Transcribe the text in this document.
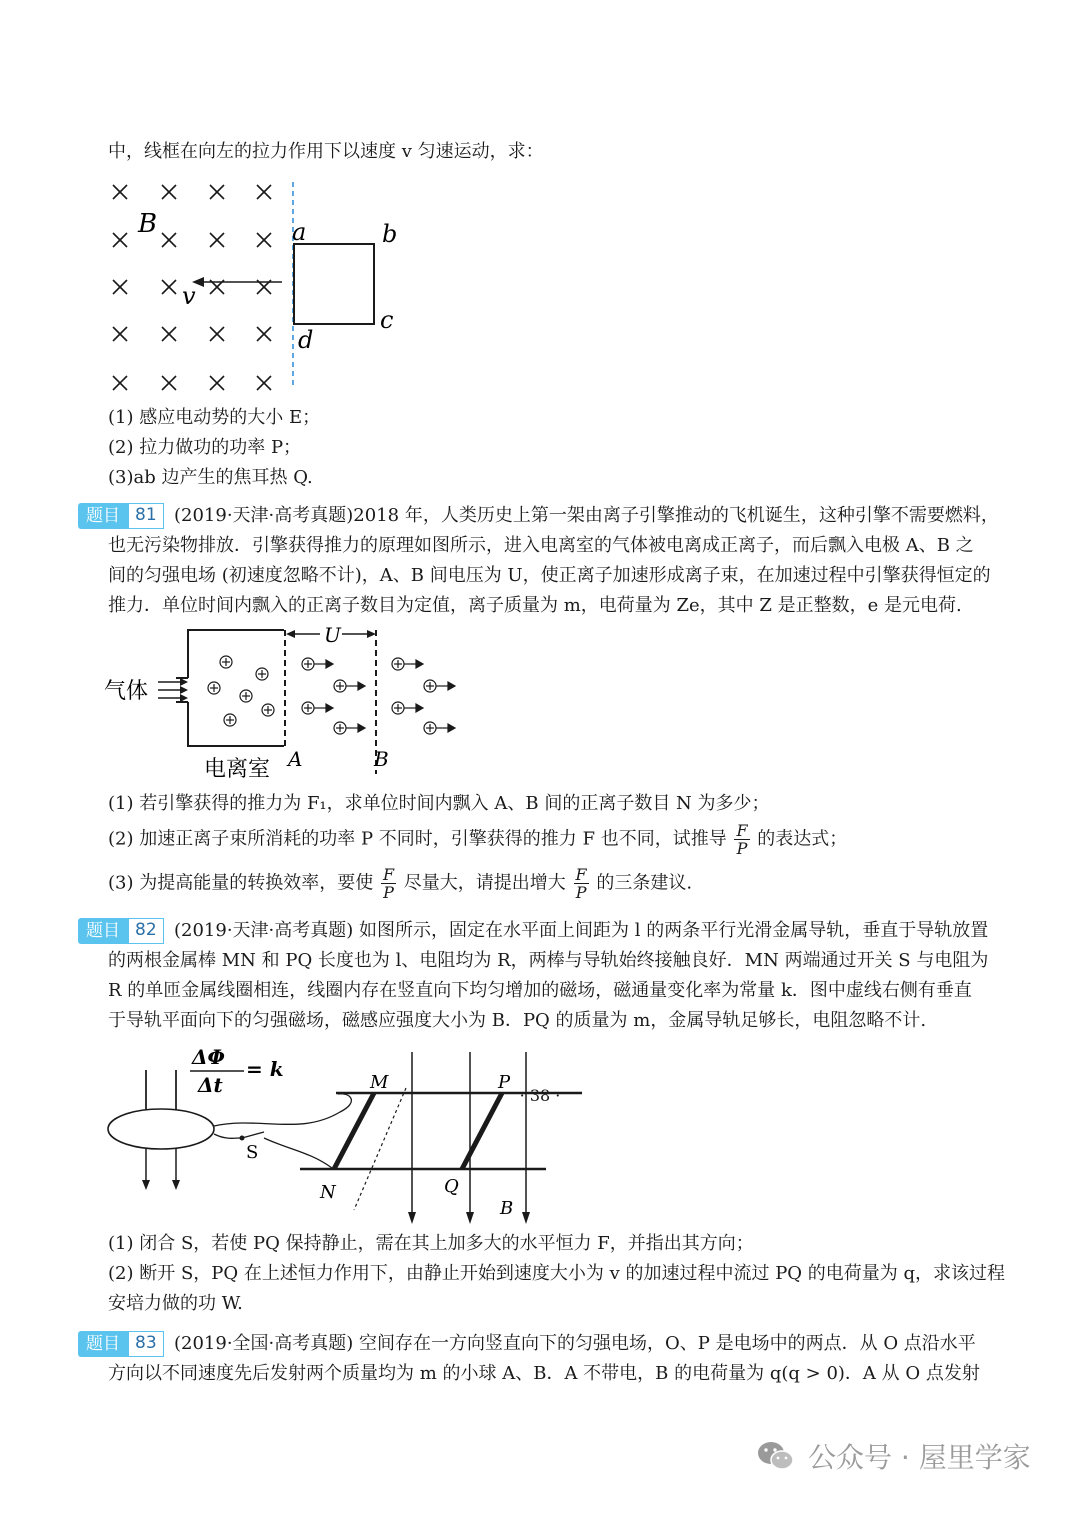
中，线框在向左的拉力作用下以速度 v 匀速运动，求：
B
v
a	b
c
d
(1) 感应电动势的大小 E；
(2) 拉力做功的功率 P；
(3)ab 边产生的焦耳热 Q.
题目 81 (2019·天津·高考真题)2018 年，人类历史上第一架由离子引擎推动的飞机诞生，这种引擎不需要燃料，
也无污染物排放．引擎获得推力的原理如图所示，进入电离室的气体被电离成正离子，而后飘入电极 A、B 之
间的匀强电场 (初速度忽略不计)，A、B 间电压为 U，使正离子加速形成离子束，在加速过程中引擎获得恒定的
推力．单位时间内飘入的正离子数目为定值，离子质量为 m，电荷量为 Ze，其中 Z 是正整数，e 是元电荷.
U
气体
电离室 A	B
(1) 若引擎获得的推力为 F₁，求单位时间内飘入 A、B 间的正离子数目 N 为多少；
(2) 加速正离子束所消耗的功率 P 不同时，引擎获得的推力 F 也不同，试推导 $\frac{F}{P}$ 的表达式；
(3) 为提高能量的转换效率，要使 $\frac{F}{P}$ 尽量大，请提出增大 $\frac{F}{P}$ 的三条建议.
题目 82 (2019·天津·高考真题) 如图所示，固定在水平面上间距为 l 的两条平行光滑金属导轨，垂直于导轨放置
的两根金属棒 MN 和 PQ 长度也为 l、电阻均为 R，两棒与导轨始终接触良好．MN 两端通过开关 S 与电阻为
R 的单匝金属线圈相连，线圈内存在竖直向下均匀增加的磁场，磁通量变化率为常量 k．图中虚线右侧有垂直
于导轨平面向下的匀强磁场，磁感应强度大小为 B．PQ 的质量为 m，金属导轨足够长，电阻忽略不计.
ΔΦ
Δt
= k
S
M	P
N	Q
B
(1) 闭合 S，若使 PQ 保持静止，需在其上加多大的水平恒力 F，并指出其方向；
(2) 断开 S，PQ 在上述恒力作用下，由静止开始到速度大小为 v 的加速过程中流过 PQ 的电荷量为 q，求该过程
安培力做的功 W.
题目 83 (2019·全国·高考真题) 空间存在一方向竖直向下的匀强电场，O、P 是电场中的两点．从 O 点沿水平
方向以不同速度先后发射两个质量均为 m 的小球 A、B．A 不带电，B 的电荷量为 q(q > 0)．A 从 O 点发射
· 38 ·
公众号 · 屋里学家
